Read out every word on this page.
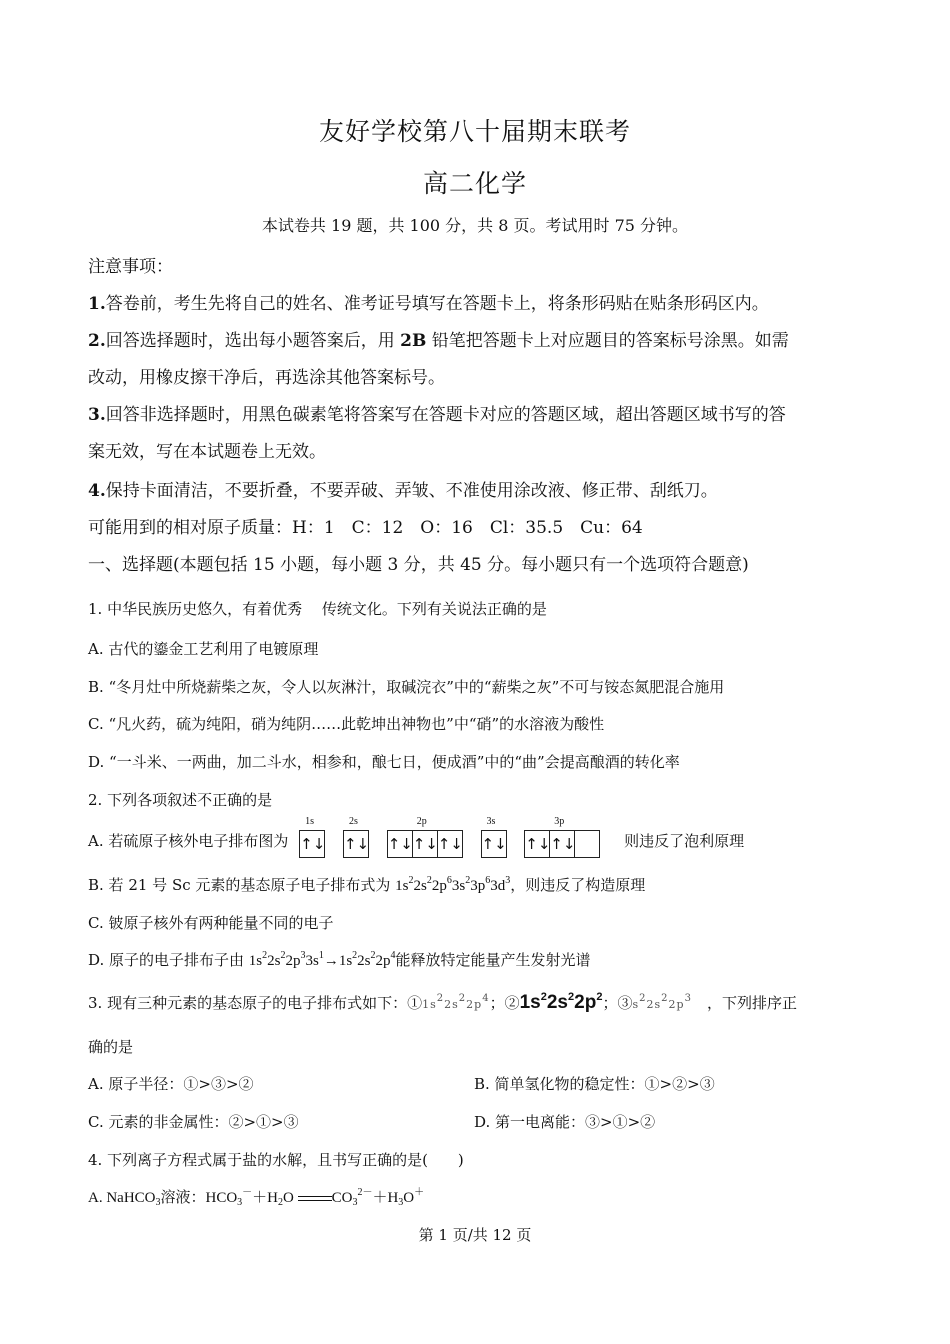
友好学校第八十届期末联考
高二化学
本试卷共 19 题，共 100 分，共 8 页。考试用时 75 分钟。
注意事项：
1.答卷前，考生先将自己的姓名、准考证号填写在答题卡上，将条形码贴在贴条形码区内。
2.回答选择题时，选出每小题答案后，用 2B 铅笔把答题卡上对应题目的答案标号涂黑。如需
改动，用橡皮擦干净后，再选涂其他答案标号。
3.回答非选择题时，用黑色碳素笔将答案写在答题卡对应的答题区域，超出答题区域书写的答
案无效，写在本试题卷上无效。
4.保持卡面清洁，不要折叠，不要弄破、弄皱、不准使用涂改液、修正带、刮纸刀。
可能用到的相对原子质量：H：1　C：12　O：16　Cl：35.5　Cu：64
一、选择题(本题包括 15 小题，每小题 3 分，共 45 分。每小题只有一个选项符合题意)
1. 中华民族历史悠久，有着优秀　 传统文化。下列有关说法正确的是
A. 古代的鎏金工艺利用了电镀原理
B. “冬月灶中所烧薪柴之灰，令人以灰淋汁，取碱浣衣”中的“薪柴之灰”不可与铵态氮肥混合施用
C. “凡火药，硫为纯阳，硝为纯阴……此乾坤出神物也”中“硝”的水溶液为酸性
D. “一斗米、一两曲，加二斗水，相参和，酿七日，便成酒”中的“曲”会提高酿酒的转化率
2. 下列各项叙述不正确的是
A. 若硫原子核外电子排布图为
1s
↑↓
2s
↑↓
2p
↑↓↑↓↑↓
3s
↑↓
3p
↑↓↑↓	则违反了泡利原理
B. 若 21 号 Sc 元素的基态原子电子排布式为 $1s^22s^22p^63s^23p^63d^3$，则违反了构造原理
C. 铍原子核外有两种能量不同的电子
D. 原子的电子排布子由 $1s^22s^22p^33s^1\to 1s^22s^22p^4$能释放特定能量产生发射光谱
3. 现有三种元素的基态原子的电子排布式如下：$①1s^22s^22p^4$；$②1s^22s^22p^2$；$③s^22s^22p^3$　 ，下列排序正
确的是
A. 原子半径：①>③>②	B. 简单氢化物的稳定性：①>②>③
C. 元素的非金属性：②>①>③	D. 第一电离能：③>①>②
4. 下列离子方程式属于盐的水解，且书写正确的是(　　)
A. NaHCO$_3$溶液：$HCO_3^-+H_2O$	$CO_3^{2-}+H_3O^+$
第 1 页/共 12 页
